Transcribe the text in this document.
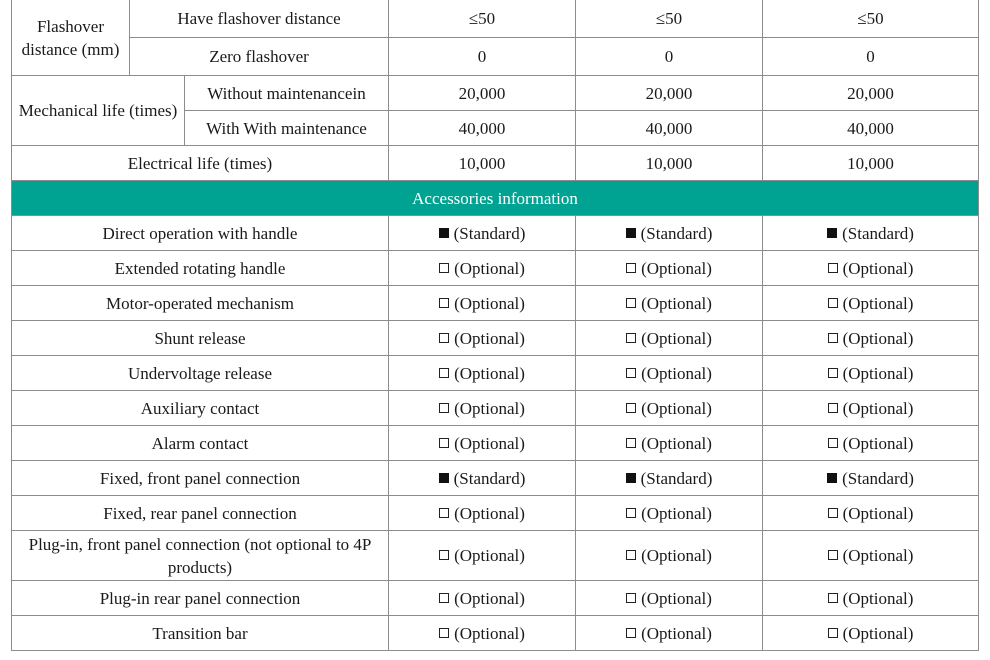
Flashover distance (mm)	Have flashover distance		≤50	≤50	≤50
	Zero flashover		0	0	0
Mechanical life (times)		Without maintenancein	20,000	20,000	20,000
		With With maintenance	40,000	40,000	40,000
Electrical life (times)			10,000	10,000	10,000
Accessories information					
Direct operation with handle			(Standard)	(Standard)	(Standard)
Extended rotating handle			(Optional)	(Optional)	(Optional)
Motor-operated mechanism			(Optional)	(Optional)	(Optional)
Shunt release			(Optional)	(Optional)	(Optional)
Undervoltage release			(Optional)	(Optional)	(Optional)
Auxiliary contact			(Optional)	(Optional)	(Optional)
Alarm contact			(Optional)	(Optional)	(Optional)
Fixed, front panel connection			(Standard)	(Standard)	(Standard)
Fixed, rear panel connection			(Optional)	(Optional)	(Optional)
Plug-in, front panel connection (not optional to 4P products)			(Optional)	(Optional)	(Optional)
Plug-in rear panel connection			(Optional)	(Optional)	(Optional)
Transition bar			(Optional)	(Optional)	(Optional)
